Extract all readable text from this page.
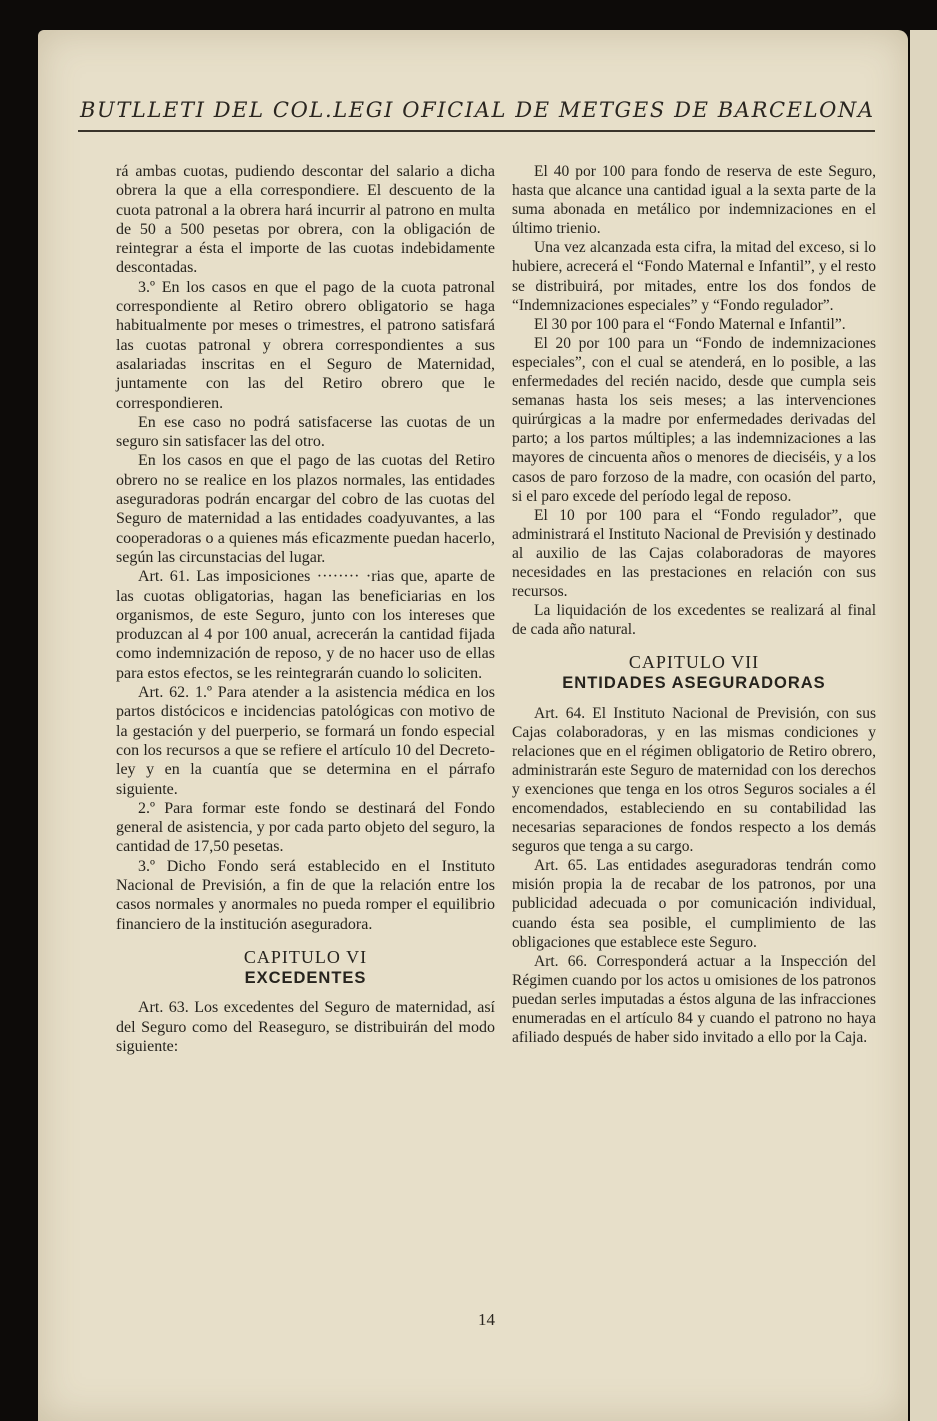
BUTLLETI DEL COL.LEGI OFICIAL DE METGES DE BARCELONA

rá ambas cuotas, pudiendo descontar del salario a dicha obrera la que a ella correspondiere. El descuento de la cuota patronal a la obrera hará incurrir al patrono en multa de 50 a 500 pesetas por obrera, con la obligación de reintegrar a ésta el importe de las cuotas indebidamente descontadas.

3.º En los casos en que el pago de la cuota patronal correspondiente al Retiro obrero obligatorio se haga habitualmente por meses o trimestres, el patrono satisfará las cuotas patronal y obrera correspondientes a sus asalariadas inscritas en el Seguro de Maternidad, juntamente con las del Retiro obrero que le correspondieren.

En ese caso no podrá satisfacerse las cuotas de un seguro sin satisfacer las del otro.

En los casos en que el pago de las cuotas del Retiro obrero no se realice en los plazos normales, las entidades aseguradoras podrán encargar del cobro de las cuotas del Seguro de maternidad a las entidades coadyuvantes, a las cooperadoras o a quienes más eficazmente puedan hacerlo, según las circunstacias del lugar.

Art. 61. Las imposiciones ········ ·rias que, aparte de las cuotas obligatorias, hagan las beneficiarias en los organismos, de este Seguro, junto con los intereses que produzcan al 4 por 100 anual, acrecerán la cantidad fijada como indemnización de reposo, y de no hacer uso de ellas para estos efectos, se les reintegrarán cuando lo soliciten.

Art. 62. 1.º Para atender a la asistencia médica en los partos distócicos e incidencias patológicas con motivo de la gestación y del puerperio, se formará un fondo especial con los recursos a que se refiere el artículo 10 del Decreto-ley y en la cuantía que se determina en el párrafo siguiente.

2.º Para formar este fondo se destinará del Fondo general de asistencia, y por cada parto objeto del seguro, la cantidad de 17,50 pesetas.

3.º Dicho Fondo será establecido en el Instituto Nacional de Previsión, a fin de que la relación entre los casos normales y anormales no pueda romper el equilibrio financiero de la institución aseguradora.

CAPITULO VI
EXCEDENTES

Art. 63. Los excedentes del Seguro de maternidad, así del Seguro como del Reaseguro, se distribuirán del modo siguiente:

El 40 por 100 para fondo de reserva de este Seguro, hasta que alcance una cantidad igual a la sexta parte de la suma abonada en metálico por indemnizaciones en el último trienio.

Una vez alcanzada esta cifra, la mitad del exceso, si lo hubiere, acrecerá el “Fondo Maternal e Infantil”, y el resto se distribuirá, por mitades, entre los dos fondos de “Indemnizaciones especiales” y “Fondo regulador”.

El 30 por 100 para el “Fondo Maternal e Infantil”.

El 20 por 100 para un “Fondo de indemnizaciones especiales”, con el cual se atenderá, en lo posible, a las enfermedades del recién nacido, desde que cumpla seis semanas hasta los seis meses; a las intervenciones quirúrgicas a la madre por enfermedades derivadas del parto; a los partos múltiples; a las indemnizaciones a las mayores de cincuenta años o menores de dieciséis, y a los casos de paro forzoso de la madre, con ocasión del parto, si el paro excede del período legal de reposo.

El 10 por 100 para el “Fondo regulador”, que administrará el Instituto Nacional de Previsión y destinado al auxilio de las Cajas colaboradoras de mayores necesidades en las prestaciones en relación con sus recursos.

La liquidación de los excedentes se realizará al final de cada año natural.

CAPITULO VII
ENTIDADES ASEGURADORAS

Art. 64. El Instituto Nacional de Previsión, con sus Cajas colaboradoras, y en las mismas condiciones y relaciones que en el régimen obligatorio de Retiro obrero, administrarán este Seguro de maternidad con los derechos y exenciones que tenga en los otros Seguros sociales a él encomendados, estableciendo en su contabilidad las necesarias separaciones de fondos respecto a los demás seguros que tenga a su cargo.

Art. 65. Las entidades aseguradoras tendrán como misión propia la de recabar de los patronos, por una publicidad adecuada o por comunicación individual, cuando ésta sea posible, el cumplimiento de las obligaciones que establece este Seguro.

Art. 66. Corresponderá actuar a la Inspección del Régimen cuando por los actos u omisiones de los patronos puedan serles imputadas a éstos alguna de las infracciones enumeradas en el artículo 84 y cuando el patrono no haya afiliado después de haber sido invitado a ello por la Caja.

14
